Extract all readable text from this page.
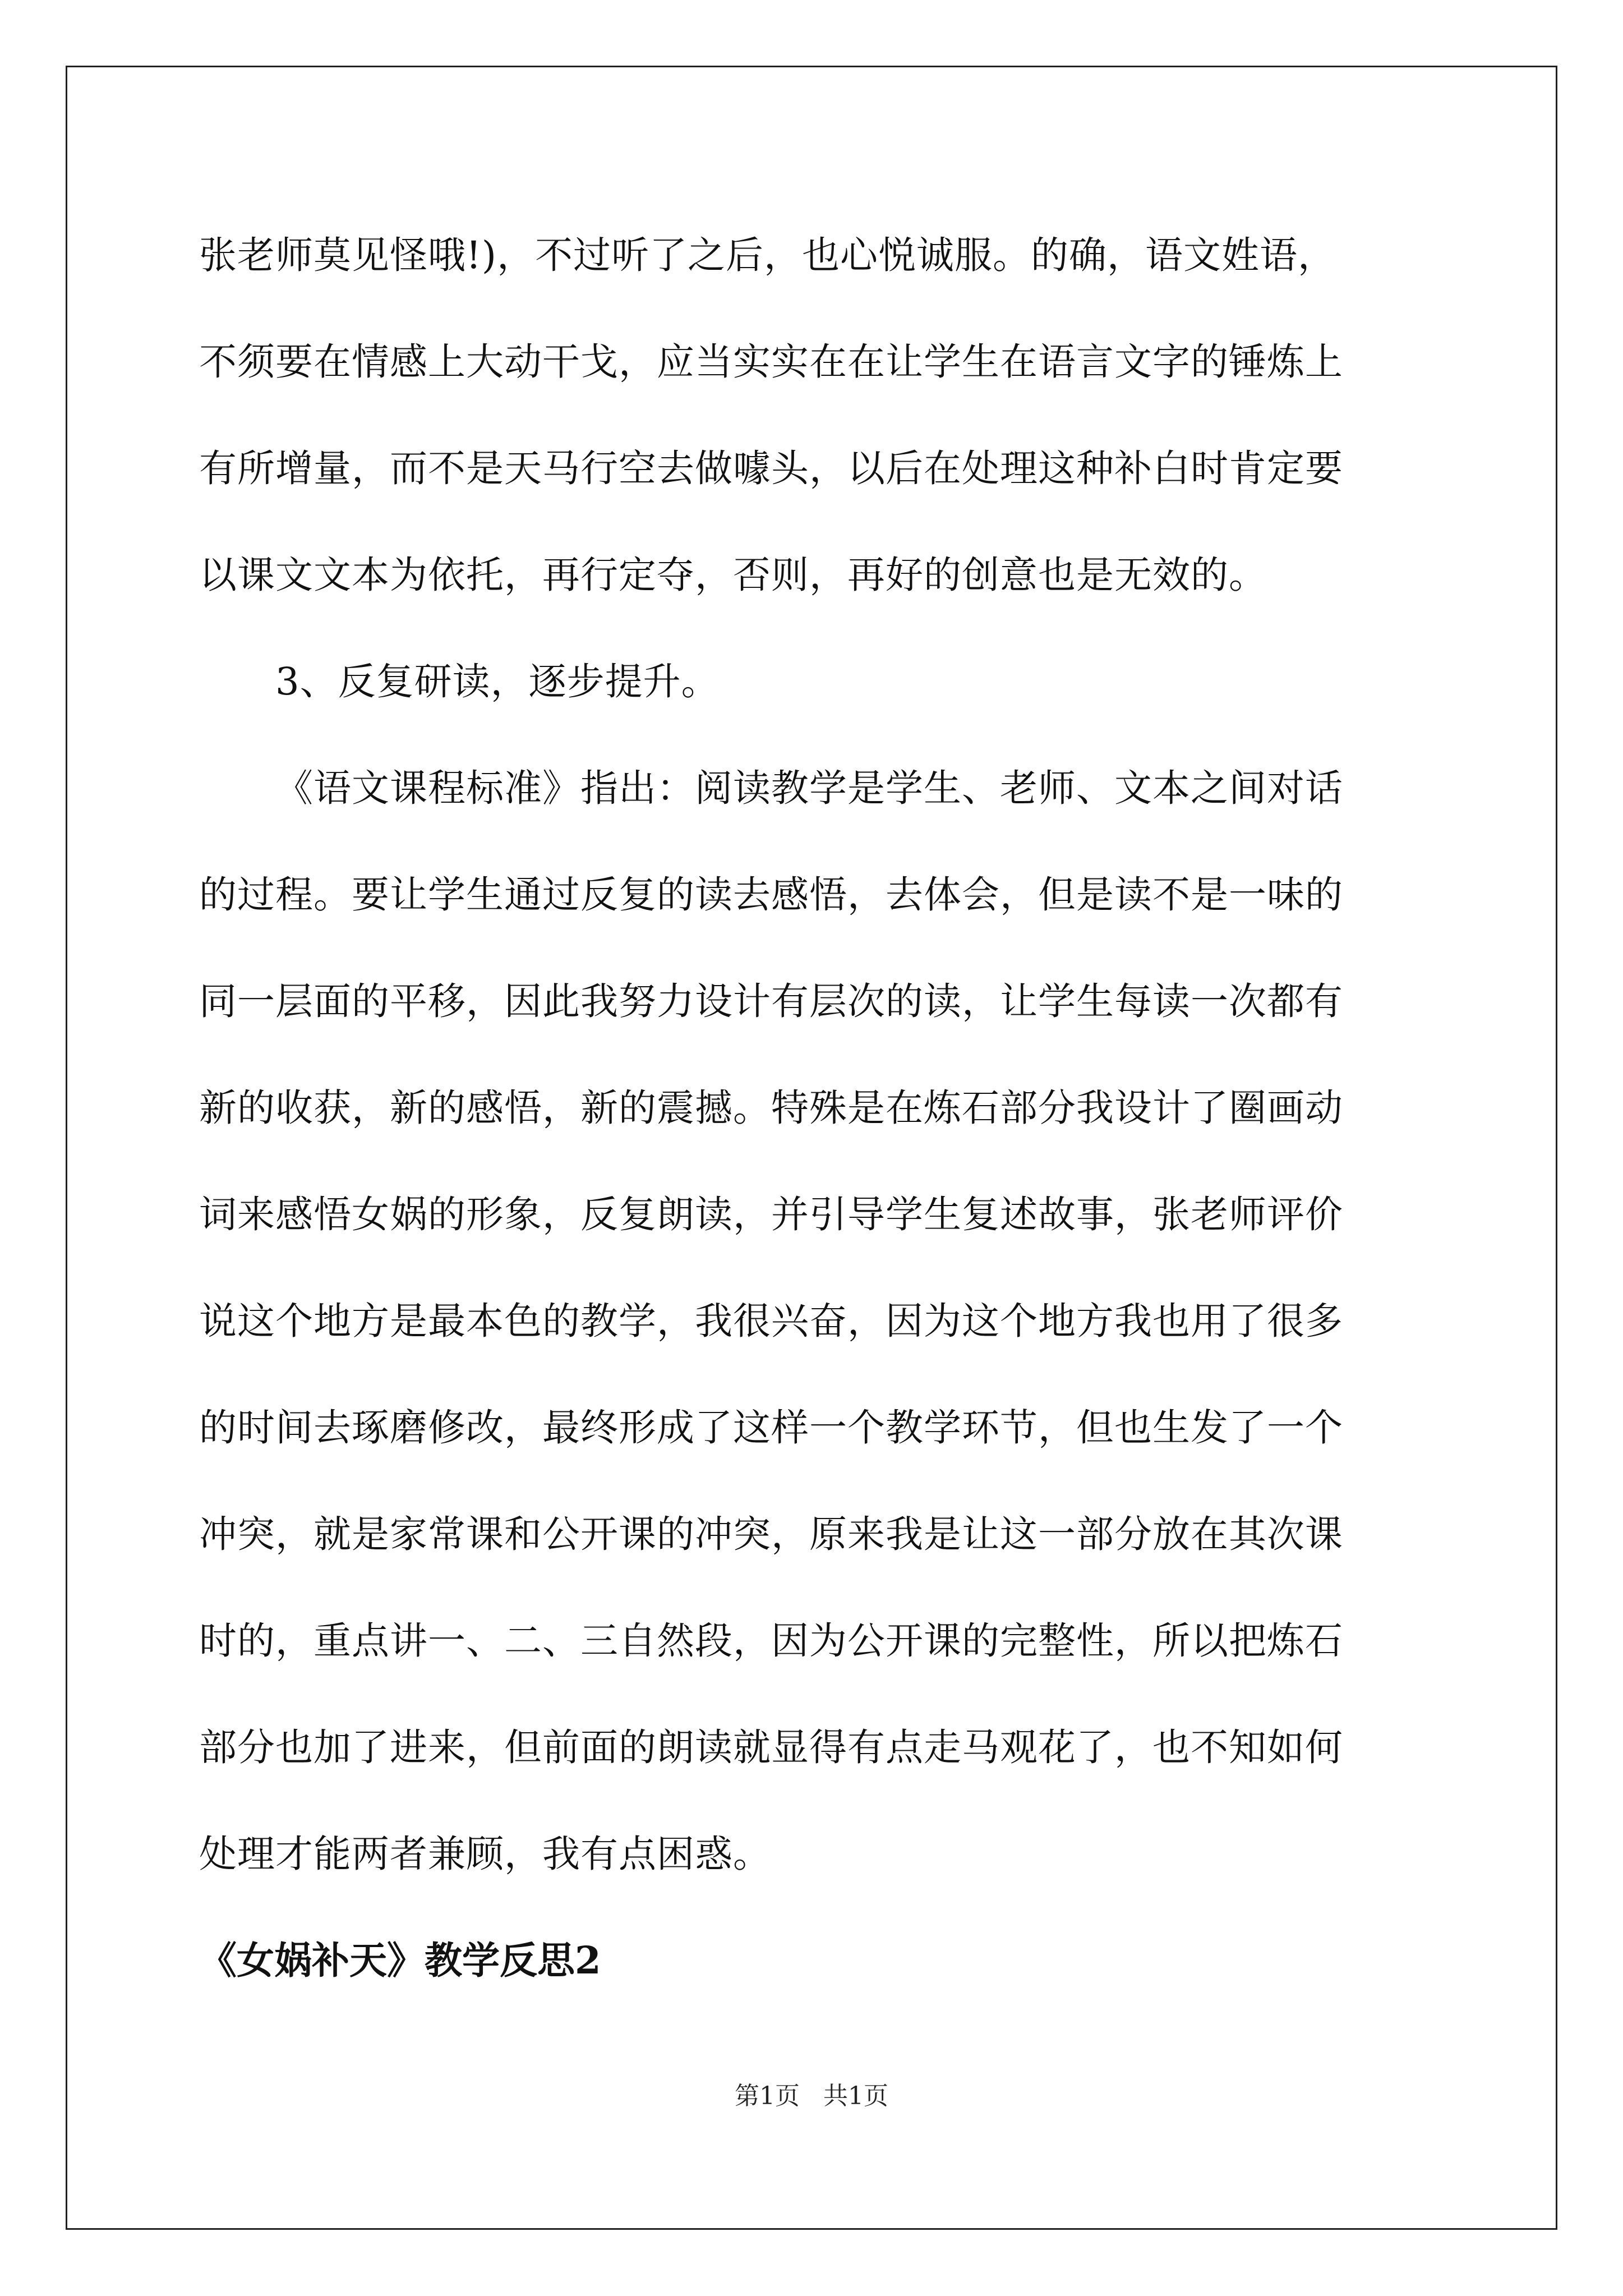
张老师莫见怪哦!)，不过听了之后，也心悦诚服。的确，语文姓语，
不须要在情感上大动干戈，应当实实在在让学生在语言文字的锤炼上
有所增量，而不是天马行空去做噱头，以后在处理这种补白时肯定要
以课文文本为依托，再行定夺，否则，再好的创意也是无效的。

3、反复研读，逐步提升。

《语文课程标准》指出：阅读教学是学生、老师、文本之间对话
的过程。要让学生通过反复的读去感悟，去体会，但是读不是一味的
同一层面的平移，因此我努力设计有层次的读，让学生每读一次都有
新的收获，新的感悟，新的震撼。特殊是在炼石部分我设计了圈画动
词来感悟女娲的形象，反复朗读，并引导学生复述故事，张老师评价
说这个地方是最本色的教学，我很兴奋，因为这个地方我也用了很多
的时间去琢磨修改，最终形成了这样一个教学环节，但也生发了一个
冲突，就是家常课和公开课的冲突，原来我是让这一部分放在其次课
时的，重点讲一、二、三自然段，因为公开课的完整性，所以把炼石
部分也加了进来，但前面的朗读就显得有点走马观花了，也不知如何
处理才能两者兼顾，我有点困惑。

《女娲补天》教学反思2
第1页 共1页
